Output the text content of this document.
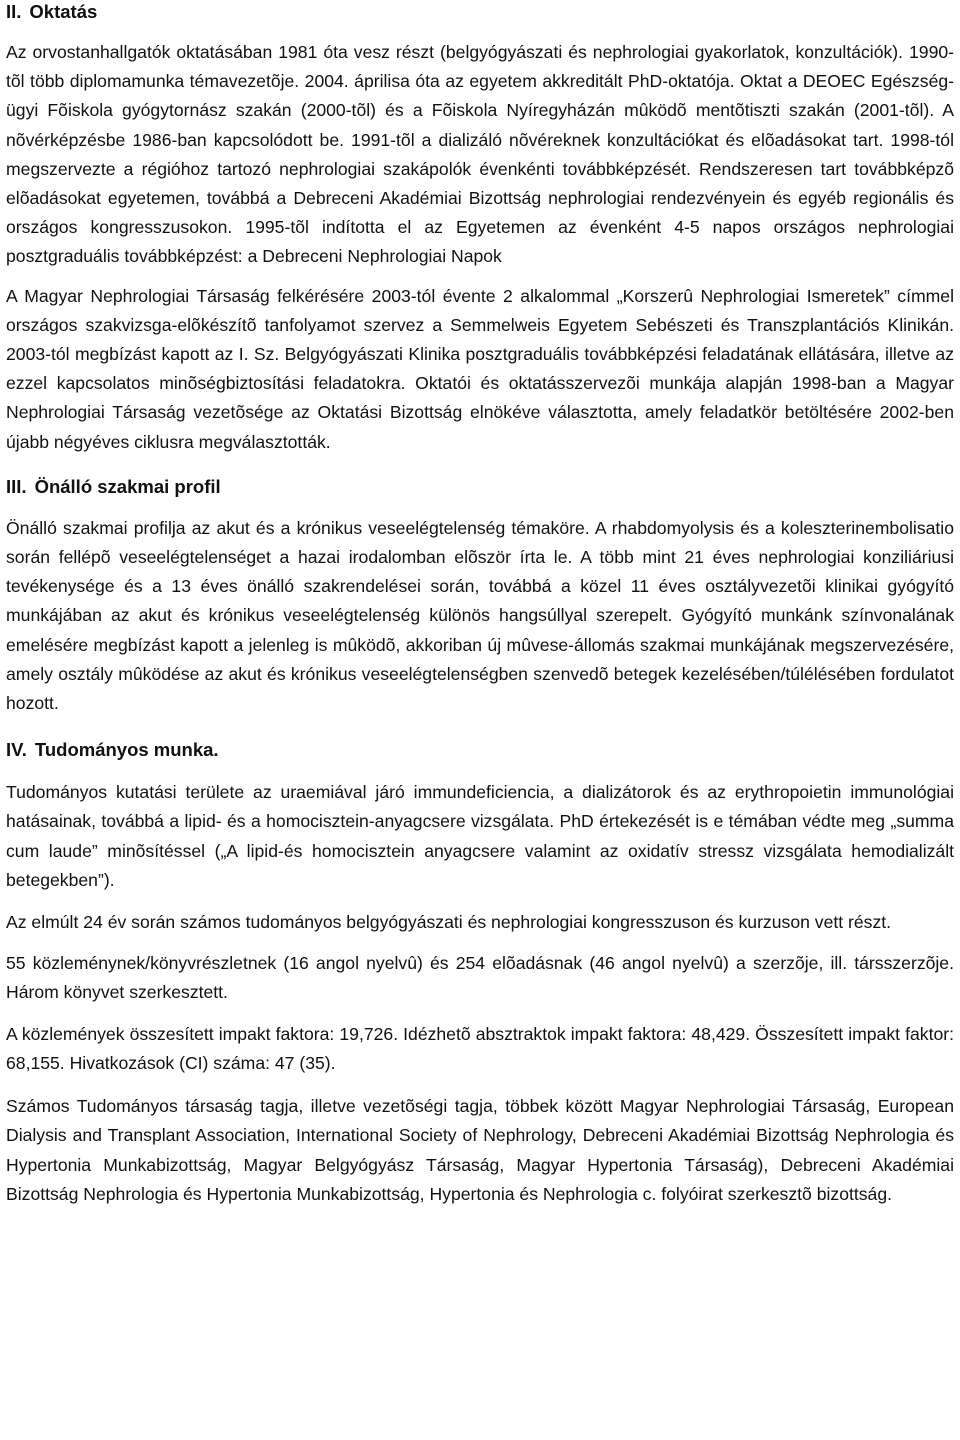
II. Oktatás

Az orvostanhallgatók oktatásában 1981 óta vesz részt (belgyógyászati és nephrologiai gyakorlatok, konzultációk). 1990-tõl több diplomamunka témavezetõje. 2004. áprilisa óta az egyetem akkreditált PhD-oktatója. Oktat a DEOEC Egészség-ügyi Fõiskola gyógytornász szakán (2000-tõl) és a Fõiskola Nyíregyházán mûködõ mentõtiszti szakán (2001-tõl). A nõvérképzésbe 1986-ban kapcsolódott be. 1991-tõl a dializáló nõvéreknek konzultációkat és elõadásokat tart. 1998-tól megszervezte a régióhoz tartozó nephrologiai szakápolók évenkénti továbbképzését. Rendszeresen tart továbbképzõ elõadásokat egyetemen, továbbá a Debreceni Akadémiai Bizottság nephrologiai rendezvényein és egyéb regionális és országos kongresszusokon. 1995-tõl indította el az Egyetemen az évenként 4-5 napos országos nephrologiai posztgraduális továbbképzést: a Debreceni Nephrologiai Napok

A Magyar Nephrologiai Társaság felkérésére 2003-tól évente 2 alkalommal „Korszerû Nephrologiai Ismeretek” címmel országos szakvizsga-elõkészítõ tanfolyamot szervez a Semmelweis Egyetem Sebészeti és Transzplantációs Klinikán. 2003-tól megbízást kapott az I. Sz. Belgyógyászati Klinika posztgraduális továbbképzési feladatának ellátására, illetve az ezzel kapcsolatos minõségbiztosítási feladatokra. Oktatói és oktatásszervezõi munkája alapján 1998-ban a Magyar Nephrologiai Társaság vezetõsége az Oktatási Bizottság elnökéve választotta, amely feladatkör betöltésére 2002-ben újabb négyéves ciklusra megválasztották.

III. Önálló szakmai profil

Önálló szakmai profilja az akut és a krónikus veseelégtelenség témaköre. A rhabdomyolysis és a koleszterinembolisatio során fellépõ veseelégtelenséget a hazai irodalomban elõször írta le. A több mint 21 éves nephrologiai konziliáriusi tevékenysége és a 13 éves önálló szakrendelései során, továbbá a közel 11 éves osztályvezetõi klinikai gyógyító munkájában az akut és krónikus veseelégtelenség különös hangsúllyal szerepelt. Gyógyító munkánk színvonalának emelésére megbízást kapott a jelenleg is mûködõ, akkoriban új mûvese-állomás szakmai munkájának megszervezésére, amely osztály mûködése az akut és krónikus veseelégtelenségben szenvedõ betegek kezelésében/túlélésében fordulatot hozott.

IV. Tudományos munka.

Tudományos kutatási területe az uraemiával járó immundeficiencia, a dializátorok és az erythropoietin immunológiai hatásainak, továbbá a lipid- és a homocisztein-anyagcsere vizsgálata. PhD értekezését is e témában védte meg „summa cum laude” minõsítéssel („A lipid-és homocisztein anyagcsere valamint az oxidatív stressz vizsgálata hemodializált betegekben”).

Az elmúlt 24 év során számos tudományos belgyógyászati és nephrologiai kongresszuson és kurzuson vett részt.

55 közleménynek/könyvrészletnek (16 angol nyelvû) és 254 elõadásnak (46 angol nyelvû) a szerzõje, ill. társszerzõje. Három könyvet szerkesztett.

A közlemények összesített impakt faktora: 19,726. Idézhetõ absztraktok impakt faktora: 48,429. Összesített impakt faktor: 68,155. Hivatkozások (CI) száma: 47 (35).

Számos Tudományos társaság tagja, illetve vezetõségi tagja, többek között Magyar Nephrologiai Társaság, European Dialysis and Transplant Association, International Society of Nephrology, Debreceni Akadémiai Bizottság Nephrologia és Hypertonia Munkabizottság, Magyar Belgyógyász Társaság, Magyar Hypertonia Társaság), Debreceni Akadémiai Bizottság Nephrologia és Hypertonia Munkabizottság, Hypertonia és Nephrologia c. folyóirat szerkesztõ bizottság.
